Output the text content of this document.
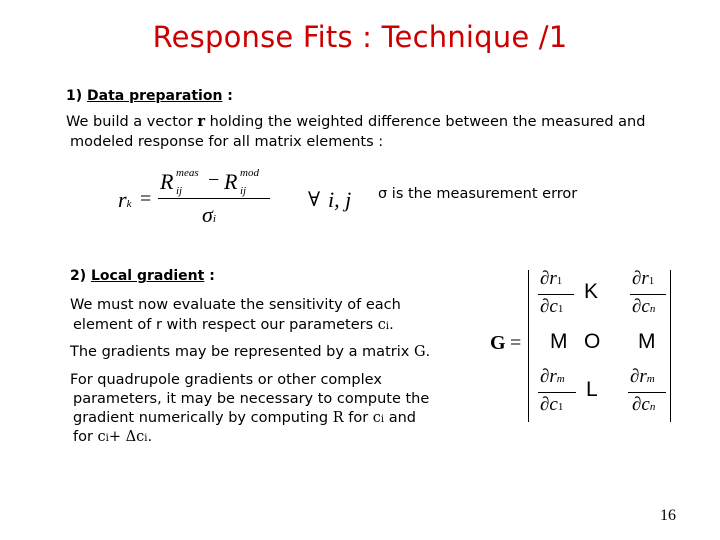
Response Fits : Technique /1
1) Data preparation :
We build a vector r holding the weighted difference between the measured and
modeled response for all matrix elements :
rk =
R meas
ij − R mod
ij
σi
∀ i, j σ is the measurement error
2) Local gradient :
We must now evaluate the sensitivity of each
element of r with respect our parameters ci.
The gradients may be represented by a matrix G.
For quadrupole gradients or other complex
parameters, it may be necessary to compute the
gradient numerically by computing R for ci and
for ci+ Δci.
G =
∂r1
∂c1
K
∂r1
∂cn
M O M
∂rm
∂c1
L
∂rm
∂cn
16
